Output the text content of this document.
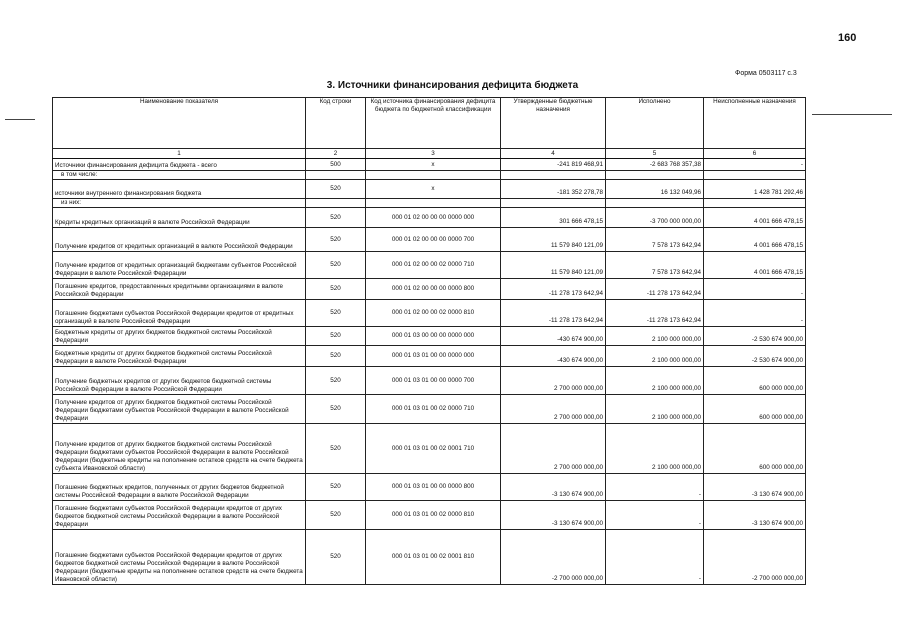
160
Форма 0503117 с.3
3. Источники финансирования дефицита бюджета
Наименование показателя	Код строки	Код источника финансирования дефицита бюджета по бюджетной классификации	Утвержденные бюджетные назначения	Исполнено	Неисполненные назначения
1	2	3	4	5	6
Источники финансирования дефицита бюджета - всего	500	x	-241 819 468,91	-2 683 768 357,38	-
в том числе:					
источники внутреннего финансирования бюджета	520	x	-181 352 278,78	16 132 049,96	1 428 781 292,46
из них:					
Кредиты кредитных организаций в валюте Российской Федерации	520	000 01 02 00 00 00 0000 000	301 666 478,15	-3 700 000 000,00	4 001 666 478,15
Получение кредитов от кредитных организаций в валюте Российской Федерации	520	000 01 02 00 00 00 0000 700	11 579 840 121,09	7 578 173 642,94	4 001 666 478,15
Получение кредитов от кредитных организаций бюджетами субъектов Российской Федерации в валюте Российской Федерации	520	000 01 02 00 00 02 0000 710	11 579 840 121,09	7 578 173 642,94	4 001 666 478,15
Погашение кредитов, предоставленных кредитными организациями в валюте Российской Федерации	520	000 01 02 00 00 00 0000 800	-11 278 173 642,94	-11 278 173 642,94	-
Погашение бюджетами субъектов Российской Федерации кредитов от кредитных организаций в валюте Российской Федерации	520	000 01 02 00 00 02 0000 810	-11 278 173 642,94	-11 278 173 642,94	-
Бюджетные кредиты от других бюджетов бюджетной системы Российской Федерации	520	000 01 03 00 00 00 0000 000	-430 674 900,00	2 100 000 000,00	-2 530 674 900,00
Бюджетные кредиты от других бюджетов бюджетной системы Российской Федерации в валюте Российской Федерации	520	000 01 03 01 00 00 0000 000	-430 674 900,00	2 100 000 000,00	-2 530 674 900,00
Получение бюджетных кредитов от других бюджетов бюджетной системы Российской Федерации в валюте Российской Федерации	520	000 01 03 01 00 00 0000 700	2 700 000 000,00	2 100 000 000,00	600 000 000,00
Получение кредитов от других бюджетов бюджетной системы Российской Федерации бюджетами субъектов Российской Федерации в валюте Российской Федерации	520	000 01 03 01 00 02 0000 710	2 700 000 000,00	2 100 000 000,00	600 000 000,00
Получение кредитов от других бюджетов бюджетной системы Российской Федерации бюджетами субъектов Российской Федерации в валюте Российской Федерации (бюджетные кредиты на пополнение остатков средств на счете бюджета субъекта Ивановской области)	520	000 01 03 01 00 02 0001 710	2 700 000 000,00	2 100 000 000,00	600 000 000,00
Погашение бюджетных кредитов, полученных от других бюджетов бюджетной системы Российской Федерации в валюте Российской Федерации	520	000 01 03 01 00 00 0000 800	-3 130 674 900,00	-	-3 130 674 900,00
Погашение бюджетами субъектов Российской Федерации кредитов от других бюджетов бюджетной системы Российской Федерации в валюте Российской Федерации	520	000 01 03 01 00 02 0000 810	-3 130 674 900,00	-	-3 130 674 900,00
Погашение бюджетами субъектов Российской Федерации кредитов от других бюджетов бюджетной системы Российской Федерации в валюте Российской Федерации (бюджетные кредиты на пополнение остатков средств на счете бюджета Ивановской области)	520	000 01 03 01 00 02 0001 810	-2 700 000 000,00	-	-2 700 000 000,00
